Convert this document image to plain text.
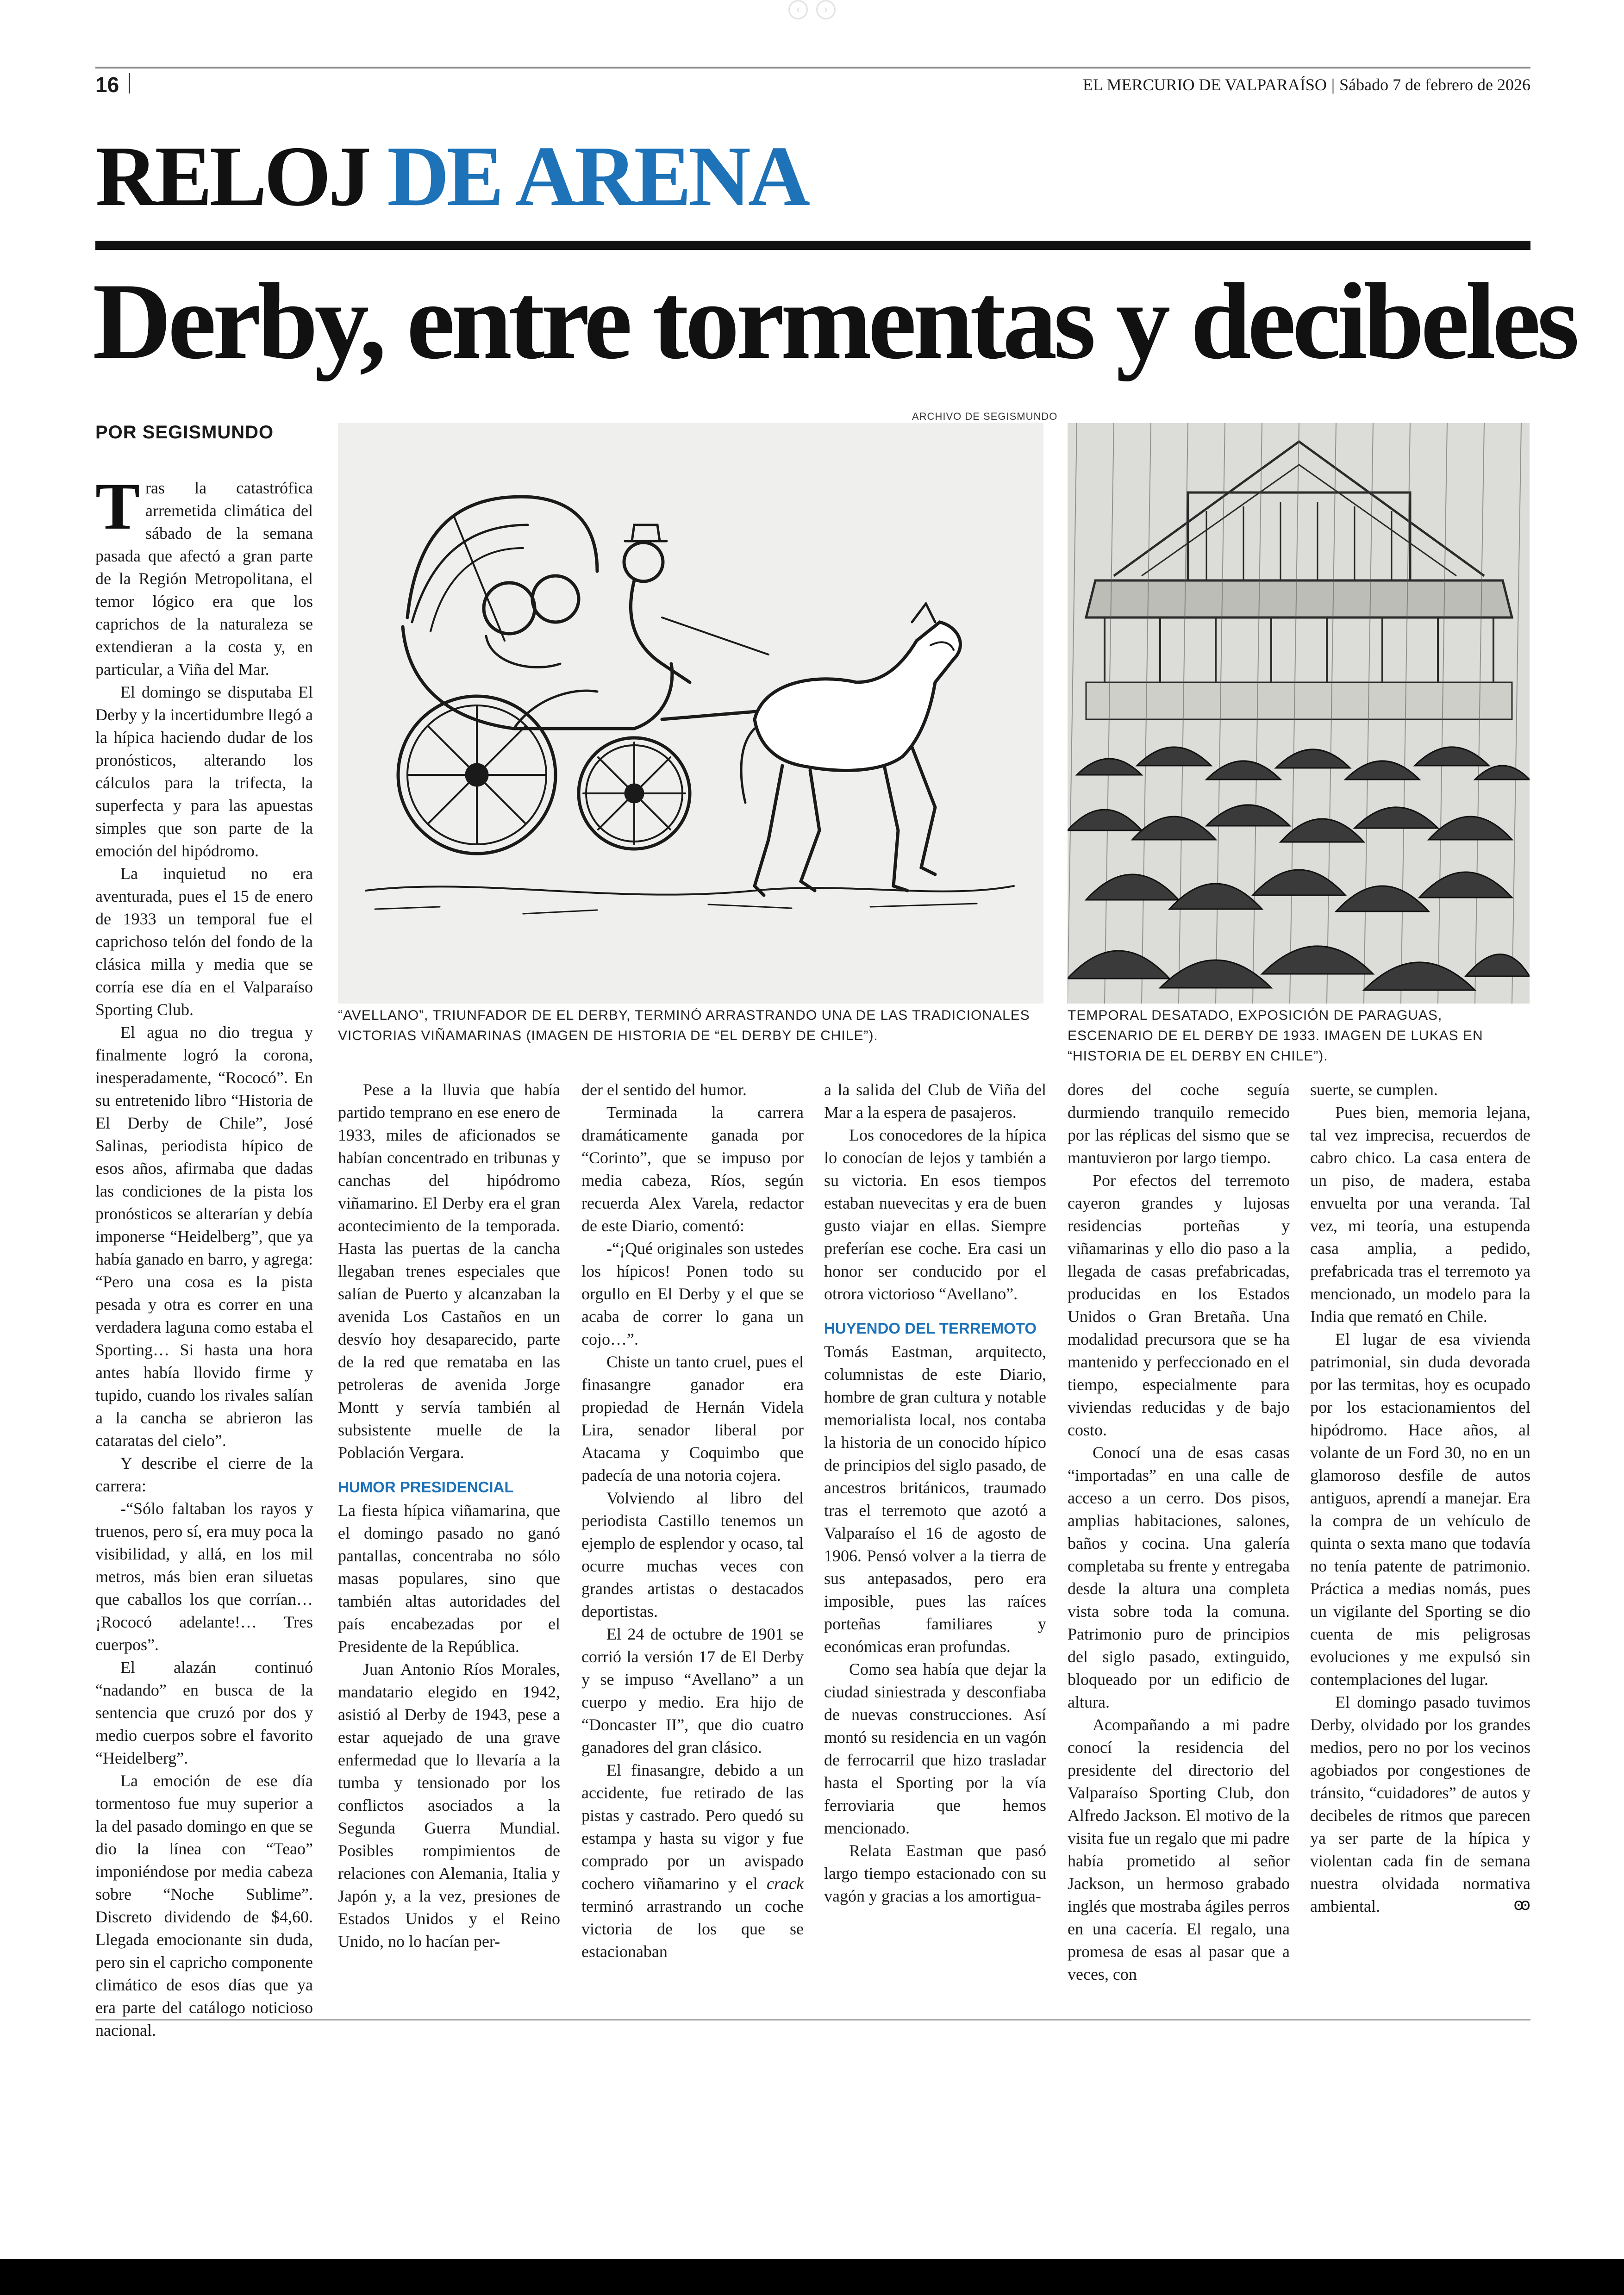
‹	›
16	EL MERCURIO DE VALPARAÍSO | Sábado 7 de febrero de 2026
RELOJ DE ARENA
Derby, entre tormentas y decibeles
POR SEGISMUNDO
ARCHIVO DE SEGISMUNDO
“AVELLANO”, TRIUNFADOR DE EL DERBY, TERMINÓ ARRASTRANDO UNA DE LAS TRADICIONALES VICTORIAS VIÑAMARINAS (IMAGEN DE HISTORIA DE “EL DERBY DE CHILE”).
TEMPORAL DESATADO, EXPOSICIÓN DE PARAGUAS, ESCENARIO DE EL DERBY DE 1933. IMAGEN DE LUKAS EN “HISTORIA DE EL DERBY EN CHILE”).

Tras la catastrófica arremetida climática del sábado de la semana pasada que afectó a gran parte de la Región Metropolitana, el temor lógico era que los caprichos de la naturaleza se extendieran a la costa y, en particular, a Viña del Mar.

El domingo se disputaba El Derby y la incertidumbre llegó a la hípica haciendo dudar de los pronósticos, alterando los cálculos para la trifecta, la superfecta y para las apuestas simples que son parte de la emoción del hipódromo.

La inquietud no era aventurada, pues el 15 de enero de 1933 un temporal fue el caprichoso telón del fondo de la clásica milla y media que se corría ese día en el Valparaíso Sporting Club.

El agua no dio tregua y finalmente logró la corona, inesperadamente, “Rococó”. En su entretenido libro “Historia de El Derby de Chile”, José Salinas, periodista hípico de esos años, afirmaba que dadas las condiciones de la pista los pronósticos se alterarían y debía imponerse “Heidelberg”, que ya había ganado en barro, y agrega: “Pero una cosa es la pista pesada y otra es correr en una verdadera laguna como estaba el Sporting… Si hasta una hora antes había llovido firme y tupido, cuando los rivales salían a la cancha se abrieron las cataratas del cielo”.

Y describe el cierre de la carrera:

-“Sólo faltaban los rayos y truenos, pero sí, era muy poca la visibilidad, y allá, en los mil metros, más bien eran siluetas que caballos los que corrían… ¡Rococó adelante!… Tres cuerpos”.

El alazán continuó “nadando” en busca de la sentencia que cruzó por dos y medio cuerpos sobre el favorito “Heidelberg”.

La emoción de ese día tormentoso fue muy superior a la del pasado domingo en que se dio la línea con “Teao” imponiéndose por media cabeza sobre “Noche Sublime”. Discreto dividendo de $4,60. Llegada emocionante sin duda, pero sin el capricho componente climático de esos días que ya era parte del catálogo noticioso nacional.

Pese a la lluvia que había partido temprano en ese enero de 1933, miles de aficionados se habían concentrado en tribunas y canchas del hipódromo viñamarino. El Derby era el gran acontecimiento de la temporada. Hasta las puertas de la cancha llegaban trenes especiales que salían de Puerto y alcanzaban la avenida Los Castaños en un desvío hoy desaparecido, parte de la red que remataba en las petroleras de avenida Jorge Montt y servía también al subsistente muelle de la Población Vergara.

HUMOR PRESIDENCIAL

La fiesta hípica viñamarina, que el domingo pasado no ganó pantallas, concentraba no sólo masas populares, sino que también altas autoridades del país encabezadas por el Presidente de la República.

Juan Antonio Ríos Morales, mandatario elegido en 1942, asistió al Derby de 1943, pese a estar aquejado de una grave enfermedad que lo llevaría a la tumba y tensionado por los conflictos asociados a la Segunda Guerra Mundial. Posibles rompimientos de relaciones con Alemania, Italia y Japón y, a la vez, presiones de Estados Unidos y el Reino Unido, no lo hacían per-

der el sentido del humor.

Terminada la carrera dramáticamente ganada por “Corinto”, que se impuso por media cabeza, Ríos, según recuerda Alex Varela, redactor de este Diario, comentó:

-“¡Qué originales son ustedes los hípicos! Ponen todo su orgullo en El Derby y el que se acaba de correr lo gana un cojo…”.

Chiste un tanto cruel, pues el finasangre ganador era propiedad de Hernán Videla Lira, senador liberal por Atacama y Coquimbo que padecía de una notoria cojera.

Volviendo al libro del periodista Castillo tenemos un ejemplo de esplendor y ocaso, tal ocurre muchas veces con grandes artistas o destacados deportistas.

El 24 de octubre de 1901 se corrió la versión 17 de El Derby y se impuso “Avellano” a un cuerpo y medio. Era hijo de “Doncaster II”, que dio cuatro ganadores del gran clásico.

El finasangre, debido a un accidente, fue retirado de las pistas y castrado. Pero quedó su estampa y hasta su vigor y fue comprado por un avispado cochero viñamarino y el crack terminó arrastrando un coche victoria de los que se estacionaban

a la salida del Club de Viña del Mar a la espera de pasajeros.

Los conocedores de la hípica lo conocían de lejos y también a su victoria. En esos tiempos estaban nuevecitas y era de buen gusto viajar en ellas. Siempre preferían ese coche. Era casi un honor ser conducido por el otrora victorioso “Avellano”.

HUYENDO DEL TERREMOTO

Tomás Eastman, arquitecto, columnistas de este Diario, hombre de gran cultura y notable memorialista local, nos contaba la historia de un conocido hípico de principios del siglo pasado, de ancestros británicos, traumado tras el terremoto que azotó a Valparaíso el 16 de agosto de 1906. Pensó volver a la tierra de sus antepasados, pero era imposible, pues las raíces porteñas familiares y económicas eran profundas.

Como sea había que dejar la ciudad siniestrada y desconfiaba de nuevas construcciones. Así montó su residencia en un vagón de ferrocarril que hizo trasladar hasta el Sporting por la vía ferroviaria que hemos mencionado.

Relata Eastman que pasó largo tiempo estacionado con su vagón y gracias a los amortigua-

dores del coche seguía durmiendo tranquilo remecido por las réplicas del sismo que se mantuvieron por largo tiempo.

Por efectos del terremoto cayeron grandes y lujosas residencias porteñas y viñamarinas y ello dio paso a la llegada de casas prefabricadas, producidas en los Estados Unidos o Gran Bretaña. Una modalidad precursora que se ha mantenido y perfeccionado en el tiempo, especialmente para viviendas reducidas y de bajo costo.

Conocí una de esas casas “importadas” en una calle de acceso a un cerro. Dos pisos, amplias habitaciones, salones, baños y cocina. Una galería completaba su frente y entregaba desde la altura una completa vista sobre toda la comuna. Patrimonio puro de principios del siglo pasado, extinguido, bloqueado por un edificio de altura.

Acompañando a mi padre conocí la residencia del presidente del directorio del Valparaíso Sporting Club, don Alfredo Jackson. El motivo de la visita fue un regalo que mi padre había prometido al señor Jackson, un hermoso grabado inglés que mostraba ágiles perros en una cacería. El regalo, una promesa de esas al pasar que a veces, con

suerte, se cumplen.

Pues bien, memoria lejana, tal vez imprecisa, recuerdos de cabro chico. La casa entera de un piso, de madera, estaba envuelta por una veranda. Tal vez, mi teoría, una estupenda casa amplia, a pedido, prefabricada tras el terremoto ya mencionado, un modelo para la India que remató en Chile.

El lugar de esa vivienda patrimonial, sin duda devorada por las termitas, hoy es ocupado por los estacionamientos del hipódromo. Hace años, al volante de un Ford 30, no en un glamoroso desfile de autos antiguos, aprendí a manejar. Era la compra de un vehículo de quinta o sexta mano que todavía no tenía patente de patrimonio. Práctica a medias nomás, pues un vigilante del Sporting se dio cuenta de mis peligrosas evoluciones y me expulsó sin contemplaciones del lugar.

El domingo pasado tuvimos Derby, olvidado por los grandes medios, pero no por los vecinos agobiados por congestiones de tránsito, “cuidadores” de autos y decibeles de ritmos que parecen ya ser parte de la hípica y violentan cada fin de semana nuestra olvidada normativa ambiental.	ꙭ
